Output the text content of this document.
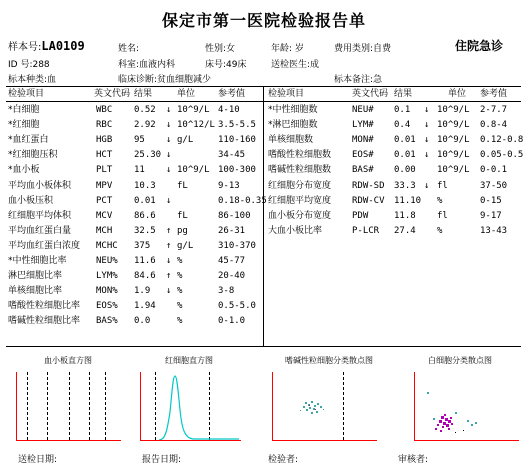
保定市第一医院检验报告单
样本号:LA0109	姓名:	性别:女	年龄: 岁	费用类别:自费	住院急诊
ID 号:288	科室:血液内科	床号:49床	送检医生:成
标本种类:血	临床诊断:贫血细胞减少	标本备注:急
检验项目	英文代码 结果	单位	参考值	检验项目	英文代码 结果	单位 参考值
*白细胞	WBC 0.52 ↓ 10^9/L 4-10
*红细胞	RBC 2.92 ↓ 10^12/L 3.5-5.5
*血红蛋白	HGB 95 ↓ g/L	110-160
*红细胞压积	HCT 25.30 ↓	34-45
*血小板	PLT 11 ↓ 10^9/L 100-300
平均血小板体积	MPV 10.3 fL	9-13
血小板压积	PCT 0.01 ↓	0.18-0.35
红细胞平均体积	MCV 86.6 fL	86-100
平均血红蛋白量	MCH 32.5 ↑ pg	26-31
平均血红蛋白浓度 MCHC 375 ↑ g/L	310-370
*中性细胞比率	NEU% 11.6 ↓ %	45-77
淋巴细胞比率	LYM% 84.6 ↑ %	20-40
单核细胞比率	MON% 1.9 ↓ %	3-8
嗜酸性粒细胞比率 EOS% 1.94 %	0.5-5.0
嗜碱性粒细胞比率 BAS% 0.0	%	0-1.0
*中性细胞数	NEU# 0.1 ↓ 10^9/L 2-7.7
*淋巴细胞数	LYM# 0.4 ↓ 10^9/L 0.8-4
单核细胞数	MON# 0.01 ↓ 10^9/L 0.12-0.8
嗜酸性粒细胞数 EOS# 0.01 ↓ 10^9/L 0.05-0.5
嗜碱性粒细胞数 BAS# 0.00 10^9/L 0-0.1
红细胞分布宽度 RDW-SD 33.3 ↓ fl	37-50
红细胞平均宽度 RDW-CV 11.10 %	0-15
血小板分布宽度 PDW	11.8 fl	9-17
大血小板比率	P-LCR 27.4 %	13-43
血小板直方图	红细胞直方图	嗜碱性粒细胞分类散点图	白细胞分类散点图
送检日期:	报告日期:	检验者:	审核者:
